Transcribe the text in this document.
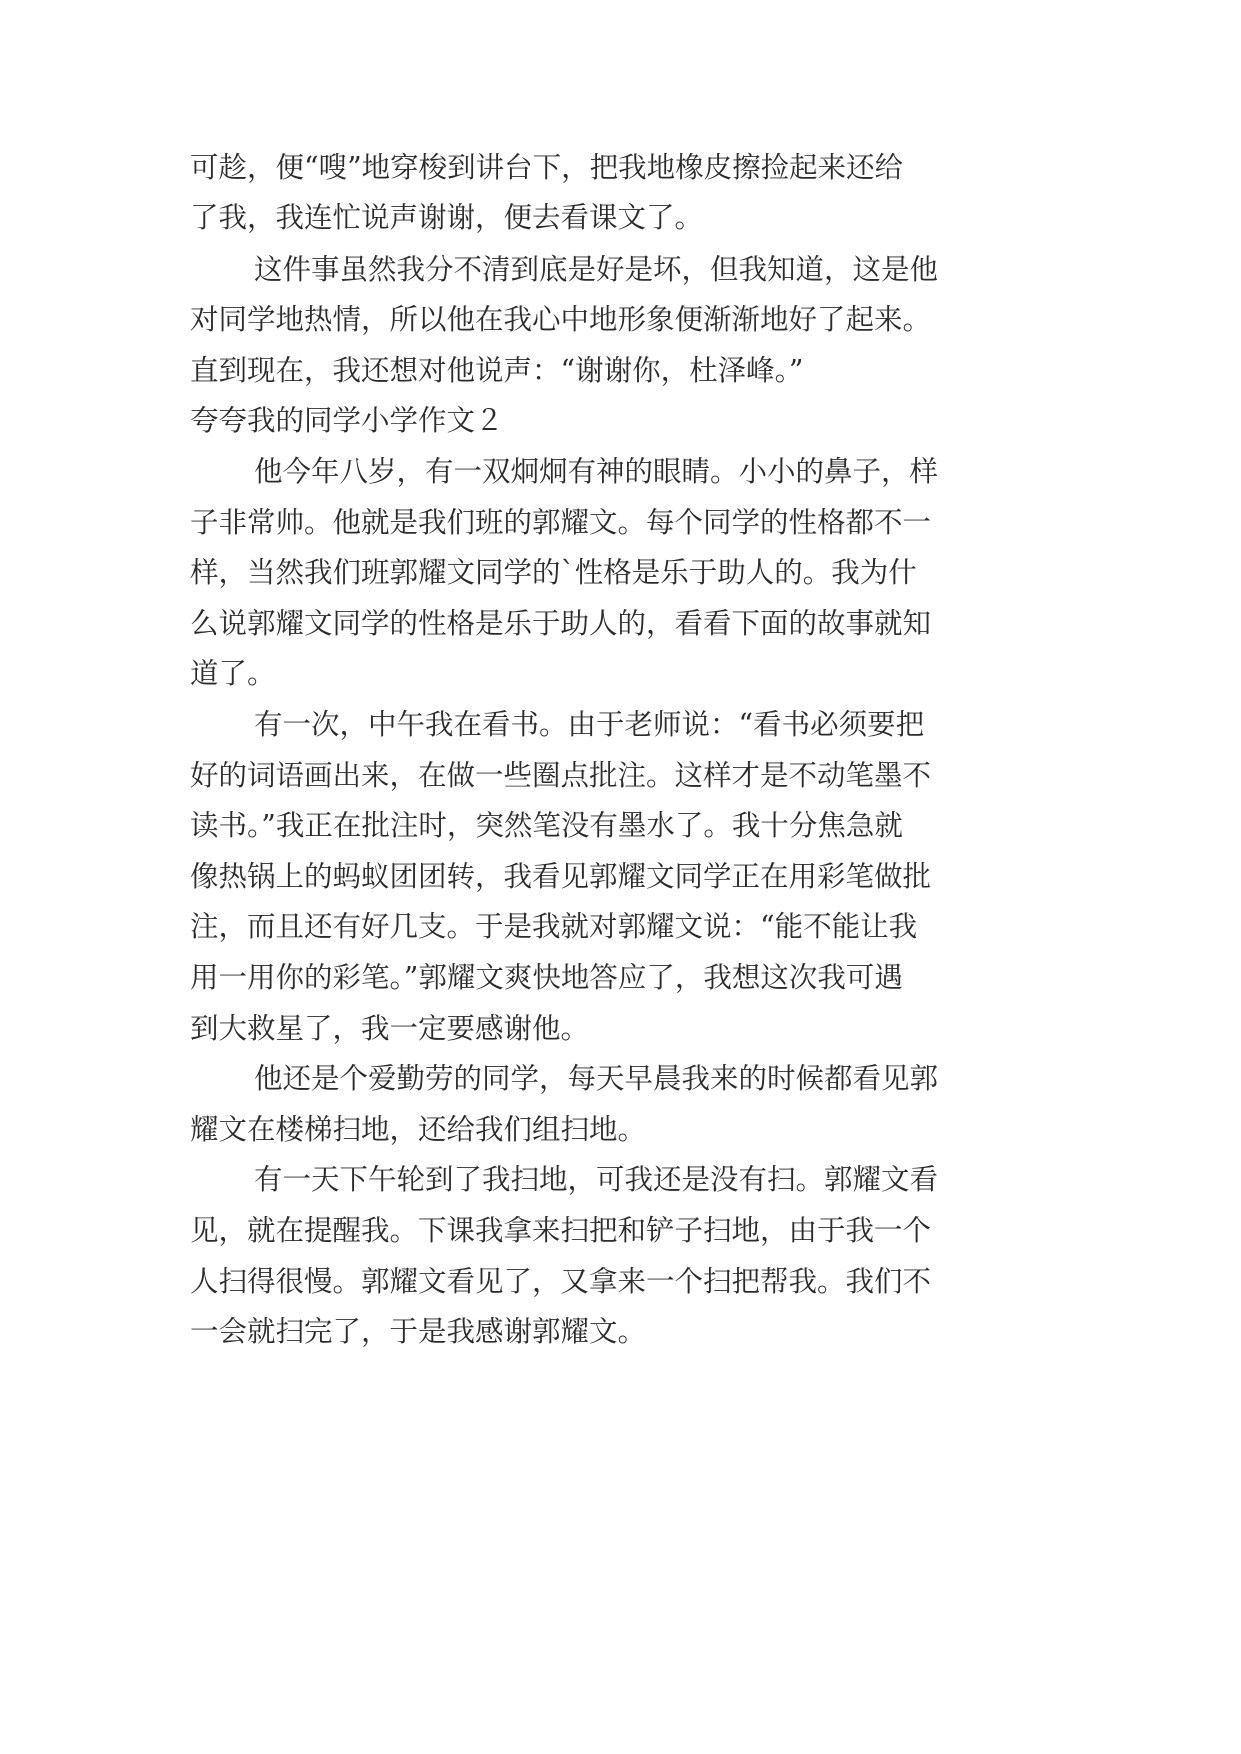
可趁，便“嗖”地穿梭到讲台下，把我地橡皮擦捡起来还给

了我，我连忙说声谢谢，便去看课文了。

这件事虽然我分不清到底是好是坏，但我知道，这是他

对同学地热情，所以他在我心中地形象便渐渐地好了起来。

直到现在，我还想对他说声：“谢谢你，杜泽峰。”

夸夸我的同学小学作文２

他今年八岁，有一双炯炯有神的眼睛。小小的鼻子，样

子非常帅。他就是我们班的郭耀文。每个同学的性格都不一

样，当然我们班郭耀文同学的`性格是乐于助人的。我为什

么说郭耀文同学的性格是乐于助人的，看看下面的故事就知

道了。

有一次，中午我在看书。由于老师说：“看书必须要把

好的词语画出来，在做一些圈点批注。这样才是不动笔墨不

读书。”我正在批注时，突然笔没有墨水了。我十分焦急就

像热锅上的蚂蚁团团转，我看见郭耀文同学正在用彩笔做批

注，而且还有好几支。于是我就对郭耀文说：“能不能让我

用一用你的彩笔。”郭耀文爽快地答应了，我想这次我可遇

到大救星了，我一定要感谢他。

他还是个爱勤劳的同学，每天早晨我来的时候都看见郭

耀文在楼梯扫地，还给我们组扫地。

有一天下午轮到了我扫地，可我还是没有扫。郭耀文看

见，就在提醒我。下课我拿来扫把和铲子扫地，由于我一个

人扫得很慢。郭耀文看见了，又拿来一个扫把帮我。我们不

一会就扫完了，于是我感谢郭耀文。
